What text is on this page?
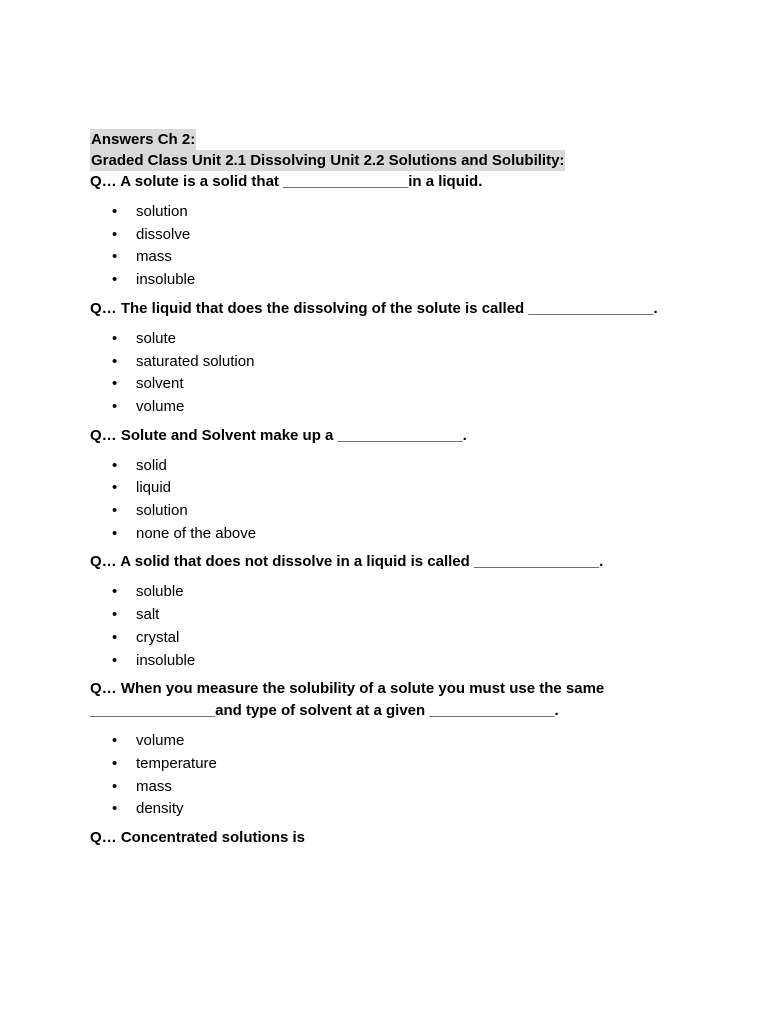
Answers Ch 2:
Graded Class Unit 2.1 Dissolving Unit 2.2 Solutions and Solubility:

Q… A solute is a solid that _______________in a liquid.

• solution
• dissolve
• mass
• insoluble

Q… The liquid that does the dissolving of the solute is called _______________.

• solute
• saturated solution
• solvent
• volume

Q… Solute and Solvent make up a _______________.

• solid
• liquid
• solution
• none of the above

Q… A solid that does not dissolve in a liquid is called _______________.

• soluble
• salt
• crystal
• insoluble

Q… When you measure the solubility of a solute you must use the same
_______________and type of solvent at a given _______________.

• volume
• temperature
• mass
• density

Q… Concentrated solutions is
